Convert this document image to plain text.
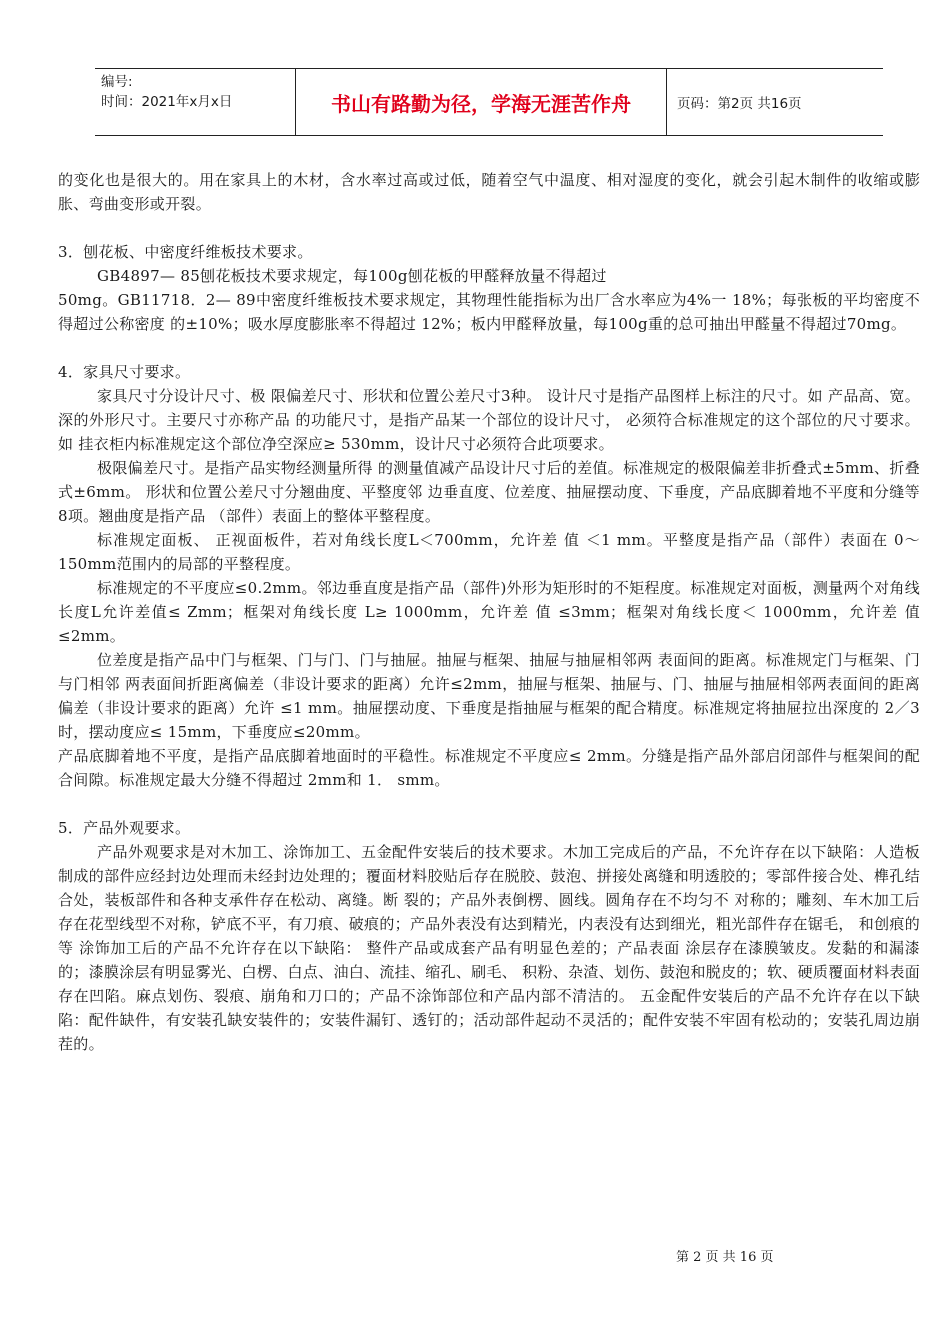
编号:
时间：2021年x月x日	书山有路勤为径，学海无涯苦作舟	页码：第2页 共16页

的变化也是很大的。用在家具上的木材，含水率过高或过低，随着空气中温度、相对湿度的变化，就会引起木制件的收缩或膨胀、弯曲变形或开裂。

3．刨花板、中密度纤维板技术要求。

GB4897— 85刨花板技术要求规定，每100g刨花板的甲醛释放量不得超过

50mg。GB11718．2— 89中密度纤维板技术要求规定，其物理性能指标为出厂含水率应为4%一 18%；每张板的平均密度不得超过公称密度 的±10%；吸水厚度膨胀率不得超过 12%；板内甲醛释放量，每100g重的总可抽出甲醛量不得超过70mg。

4．家具尺寸要求。

家具尺寸分设计尺寸、极 限偏差尺寸、形状和位置公差尺寸3种。 设计尺寸是指产品图样上标注的尺寸。如 产品高、宽。深的外形尺寸。主要尺寸亦称产品 的功能尺寸，是指产品某一个部位的设计尺寸， 必须符合标准规定的这个部位的尺寸要求。如 挂衣柜内标准规定这个部位净空深应≥ 530mm，设计尺寸必须符合此项要求。

极限偏差尺寸。是指产品实物经测量所得 的测量值减产品设计尺寸后的差值。标准规定的极限偏差非折叠式±5mm、折叠式±6mm。 形状和位置公差尺寸分翘曲度、平整度邻 边垂直度、位差度、抽屉摆动度、下垂度，产品底脚着地不平度和分缝等8项。翘曲度是指产品 （部件）表面上的整体平整程度。

标准规定面板、 正视面板件，若对角线长度L＜700mm，允许差 值 ＜1 mm。平整度是指产品（部件）表面在 0～ 150mm范围内的局部的平整程度。

标准规定的不平度应≤0.2mm。邻边垂直度是指产品（部件)外形为矩形时的不矩程度。标准规定对面板，测量两个对角线长度L允许差值≤ Zmm；框架对角线长度 L≥ 1000mm，允许差 值 ≤3mm；框架对角线长度＜ 1000mm，允许差 值≤2mm。

位差度是指产品中门与框架、门与门、门与抽屉。抽屉与框架、抽屉与抽屉相邻两 表面间的距离。标准规定门与框架、门与门相邻 两表面间折距离偏差（非设计要求的距离）允许≤2mm，抽屉与框架、抽屉与、门、抽屉与抽屉相邻两表面间的距离偏差（非设计要求的距离）允许 ≤1 mm。抽屉摆动度、下垂度是指抽屉与框架的配合精度。标准规定将抽屉拉出深度的 2／3时，摆动度应≤ 15mm，下垂度应≤20mm。

产品底脚着地不平度，是指产品底脚着地面时的平稳性。标准规定不平度应≤ 2mm。分缝是指产品外部启闭部件与框架间的配合间隙。标准规定最大分缝不得超过 2mm和 1． smm。

5．产品外观要求。

产品外观要求是对木加工、涂饰加工、五金配件安装后的技术要求。木加工完成后的产品，不允许存在以下缺陷：人造板制成的部件应经封边处理而未经封边处理的；覆面材料胶贴后存在脱胶、鼓泡、拼接处离缝和明透胶的；零部件接合处、榫孔结合处，装板部件和各种支承件存在松动、离缝。断 裂的；产品外表倒楞、圆线。圆角存在不均匀不 对称的；雕刻、车木加工后存在花型线型不对称，铲底不平，有刀痕、破痕的；产品外表没有达到精光，内表没有达到细光，粗光部件存在锯毛， 和创痕的等 涂饰加工后的产品不允许存在以下缺陷： 整件产品或成套产品有明显色差的；产品表面 涂层存在漆膜皱皮。发黏的和漏漆的；漆膜涂层有明显雾光、白楞、白点、油白、流挂、缩孔、刷毛、 积粉、杂渣、划伤、鼓泡和脱皮的；软、硬质覆面材料表面存在凹陷。麻点划伤、裂痕、崩角和刀口的；产品不涂饰部位和产品内部不清洁的。 五金配件安装后的产品不允许存在以下缺陷：配件缺件，有安装孔缺安装件的；安装件漏钉、透钉的；活动部件起动不灵活的；配件安装不牢固有松动的；安装孔周边崩茬的。

第 2 页 共 16 页
